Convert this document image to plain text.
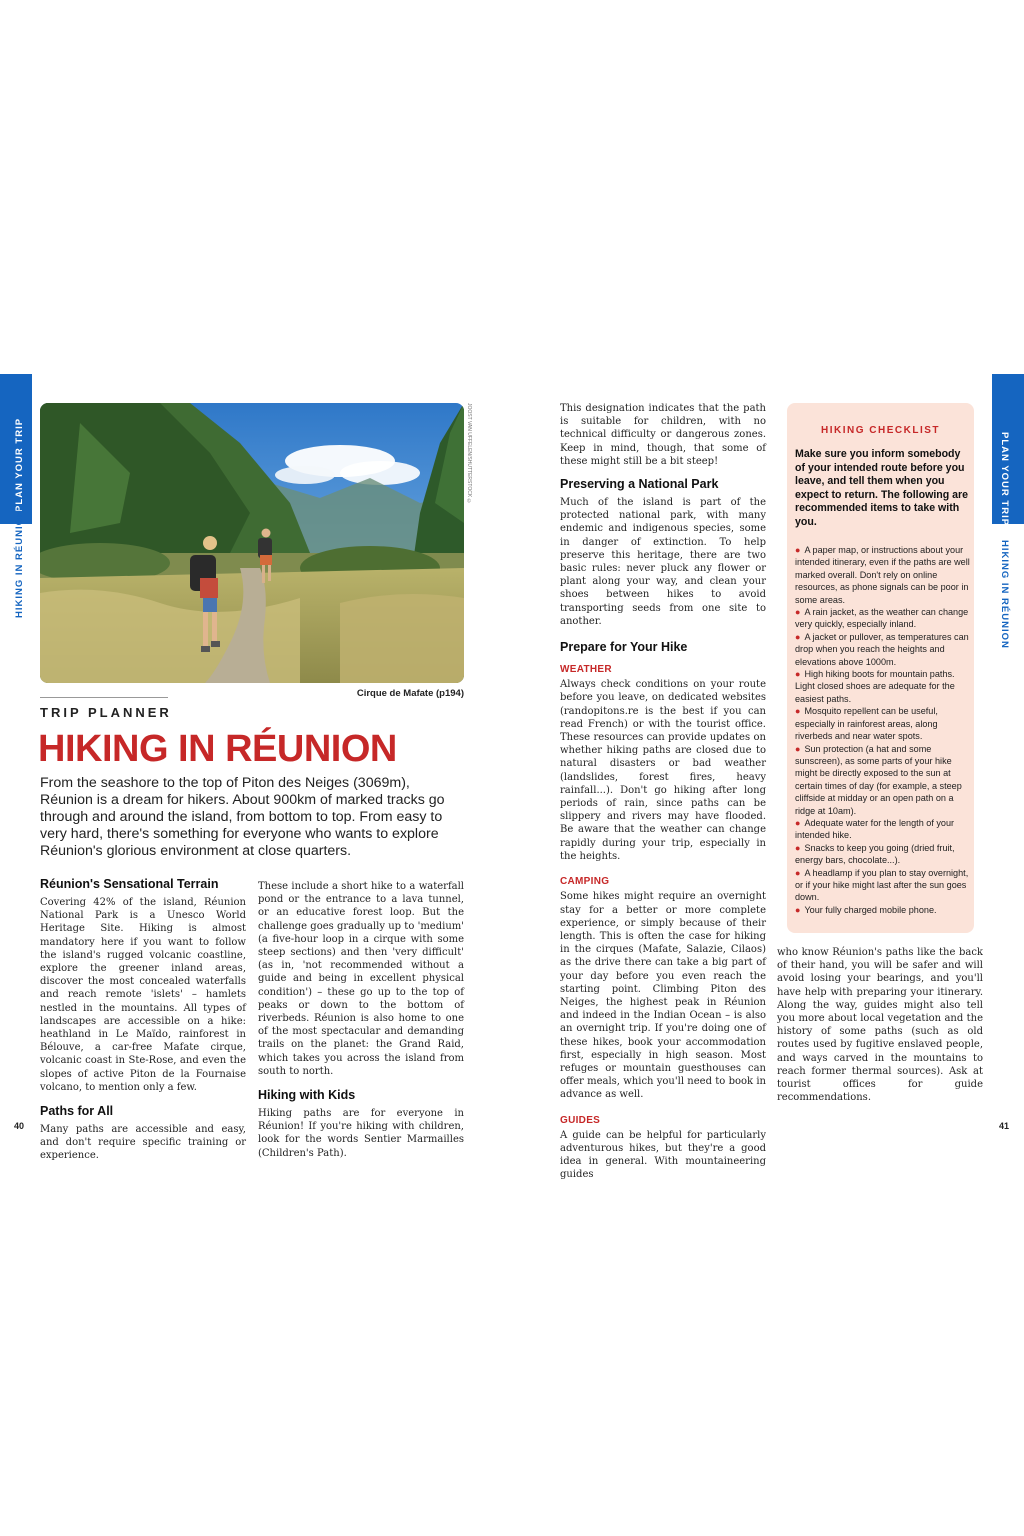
PLAN YOUR TRIP
HIKING IN RÉUNION
PLAN YOUR TRIP
HIKING IN RÉUNION
JOOST VAN UFFELEN/SHUTTERSTOCK ©
Cirque de Mafate (p194)
TRIP PLANNER
HIKING IN RÉUNION

From the seashore to the top of Piton des Neiges (3069m), Réunion is a dream for hikers. About 900km of marked tracks go through and around the island, from bottom to top. From easy to very hard, there's something for everyone who wants to explore Réunion's glorious environment at close quarters.

Réunion's Sensational Terrain

Covering 42% of the island, Réunion National Park is a Unesco World Heritage Site. Hiking is almost mandatory here if you want to follow the island's rugged volcanic coastline, explore the greener inland areas, discover the most concealed waterfalls and reach remote 'islets' – hamlets nestled in the mountains. All types of landscapes are accessible on a hike: heathland in Le Maïdo, rainforest in Bélouve, a car-free Mafate cirque, volcanic coast in Ste-Rose, and even the slopes of active Piton de la Fournaise volcano, to mention only a few.

Paths for All

Many paths are accessible and easy, and don't require specific training or experience.

These include a short hike to a waterfall pond or the entrance to a lava tunnel, or an educative forest loop. But the challenge goes gradually up to 'medium' (a five-hour loop in a cirque with some steep sections) and then 'very difficult' (as in, 'not recommended without a guide and being in excellent physical condition') – these go up to the top of peaks or down to the bottom of riverbeds. Réunion is also home to one of the most spectacular and demanding trails on the planet: the Grand Raid, which takes you across the island from south to north.

Hiking with Kids

Hiking paths are for everyone in Réunion! If you're hiking with children, look for the words Sentier Marmailles (Children's Path).

40

This designation indicates that the path is suitable for children, with no technical difficulty or dangerous zones. Keep in mind, though, that some of these might still be a bit steep!

Preserving a National Park

Much of the island is part of the protected national park, with many endemic and indigenous species, some in danger of extinction. To help preserve this heritage, there are two basic rules: never pluck any flower or plant along your way, and clean your shoes between hikes to avoid transporting seeds from one site to another.

Prepare for Your Hike
WEATHER

Always check conditions on your route before you leave, on dedicated websites (randopitons.re is the best if you can read French) or with the tourist office. These resources can provide updates on whether hiking paths are closed due to natural disasters or bad weather (landslides, forest fires, heavy rainfall...). Don't go hiking after long periods of rain, since paths can be slippery and rivers may have flooded. Be aware that the weather can change rapidly during your trip, especially in the heights.

CAMPING

Some hikes might require an overnight stay for a better or more complete experience, or simply because of their length. This is often the case for hiking in the cirques (Mafate, Salazie, Cilaos) as the drive there can take a big part of your day before you even reach the starting point. Climbing Piton des Neiges, the highest peak in Réunion and indeed in the Indian Ocean – is also an overnight trip. If you're doing one of these hikes, book your accommodation first, especially in high season. Most refuges or mountain guesthouses can offer meals, which you'll need to book in advance as well.

GUIDES

A guide can be helpful for particularly adventurous hikes, but they're a good idea in general. With mountaineering guides

HIKING CHECKLIST
Make sure you inform somebody of your intended route before you leave, and tell them when you expect to return. The following are recommended items to take with you.
● A paper map, or instructions about your intended itinerary, even if the paths are well marked overall. Don't rely on online resources, as phone signals can be poor in some areas.
● A rain jacket, as the weather can change very quickly, especially inland.
● A jacket or pullover, as temperatures can drop when you reach the heights and elevations above 1000m.
● High hiking boots for mountain paths. Light closed shoes are adequate for the easiest paths.
● Mosquito repellent can be useful, especially in rainforest areas, along riverbeds and near water spots.
● Sun protection (a hat and some sunscreen), as some parts of your hike might be directly exposed to the sun at certain times of day (for example, a steep cliffside at midday or an open path on a ridge at 10am).
● Adequate water for the length of your intended hike.
● Snacks to keep you going (dried fruit, energy bars, chocolate...).
● A headlamp if you plan to stay overnight, or if your hike might last after the sun goes down.
● Your fully charged mobile phone.

who know Réunion's paths like the back of their hand, you will be safer and will avoid losing your bearings, and you'll have help with preparing your itinerary. Along the way, guides might also tell you more about local vegetation and the history of some paths (such as old routes used by fugitive enslaved people, and ways carved in the mountains to reach former thermal sources). Ask at tourist offices for guide recommendations.

41
